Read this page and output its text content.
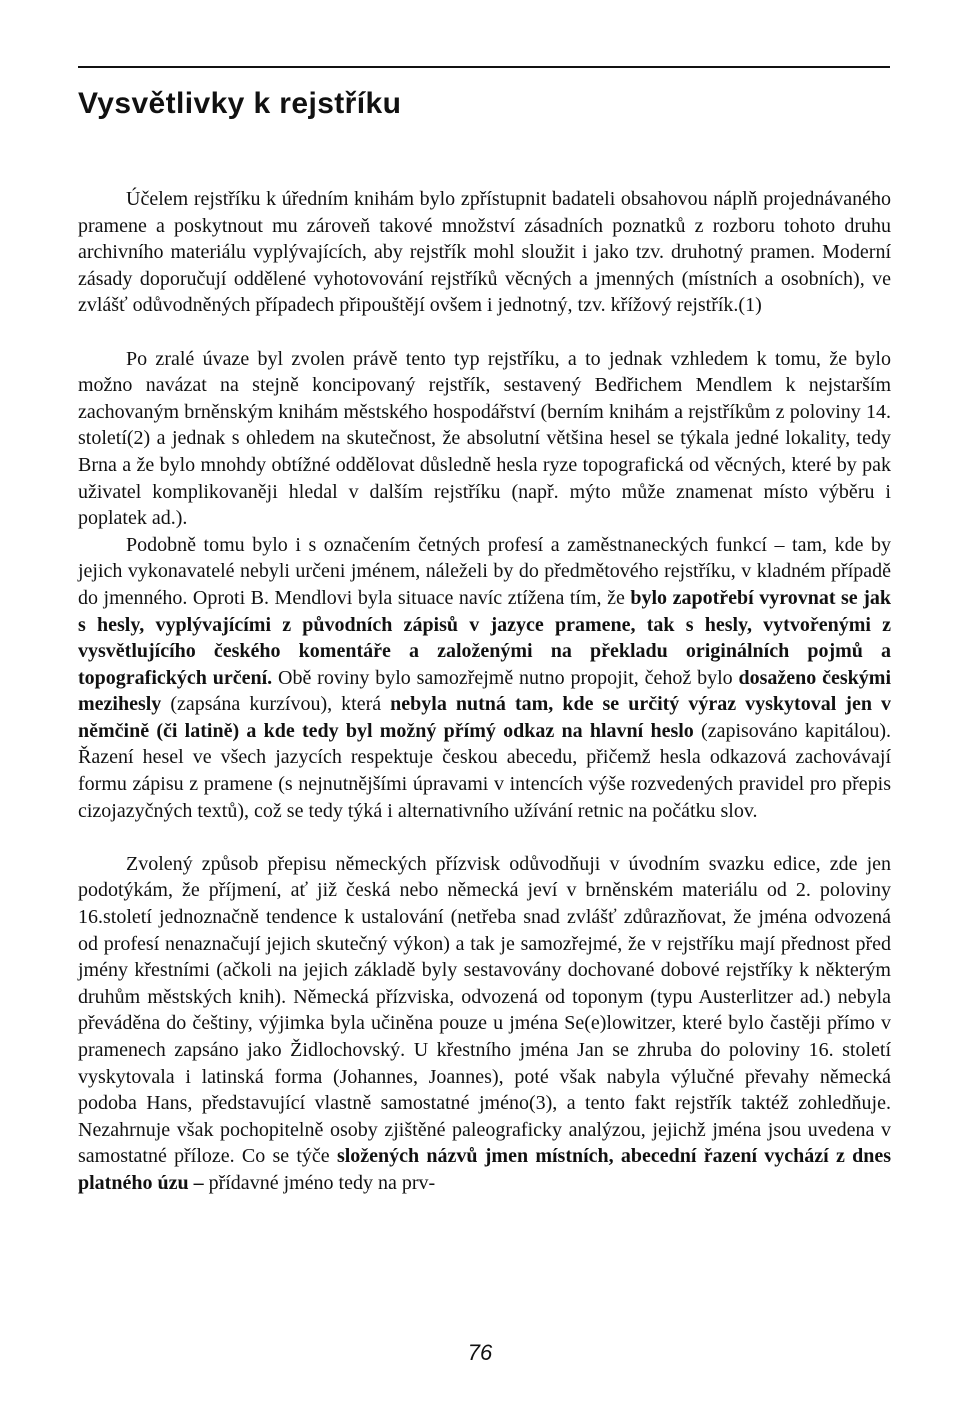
Vysvětlivky k rejstříku

Účelem rejstříku k úředním knihám bylo zpřístupnit badateli obsahovou náplň projednávaného pramene a poskytnout mu zároveň takové množství zásadních poznatků z rozboru tohoto druhu archivního materiálu vyplývajících, aby rejstřík mohl sloužit i jako tzv. druhotný pramen. Moderní zásady doporučují oddělené vyhotovování rejstříků věcných a jmenných (místních a osobních), ve zvlášť odůvodněných případech připouštějí ovšem i jednotný, tzv. křížový rejstřík.(1)

Po zralé úvaze byl zvolen právě tento typ rejstříku, a to jednak vzhledem k tomu, že bylo možno navázat na stejně koncipovaný rejstřík, sestavený Bedřichem Mendlem k nejstarším zachovaným brněnským knihám městského hospodářství (berním knihám a rejstříkům z poloviny 14. století(2) a jednak s ohledem na skutečnost, že absolutní většina hesel se týkala jedné lokality, tedy Brna a že bylo mnohdy obtížné oddělovat důsledně hesla ryze topografická od věcných, které by pak uživatel komplikovaněji hledal v dalším rejstříku (např. mýto může znamenat místo výběru i poplatek ad.).

Podobně tomu bylo i s označením četných profesí a zaměstnaneckých funkcí – tam, kde by jejich vykonavatelé nebyli určeni jménem, náleželi by do předmětového rejstříku, v kladném případě do jmenného. Oproti B. Mendlovi byla situace navíc ztížena tím, že bylo zapotřebí vyrovnat se jak s hesly, vyplývajícími z původních zápisů v jazyce pramene, tak s hesly, vytvořenými z vysvětlujícího českého komentáře a založenými na překladu originálních pojmů a topografických určení. Obě roviny bylo samozřejmě nutno propojit, čehož bylo dosaženo českými mezihesly (zapsána kurzívou), která nebyla nutná tam, kde se určitý výraz vyskytoval jen v němčině (či latině) a kde tedy byl možný přímý odkaz na hlavní heslo (zapisováno kapitálou). Řazení hesel ve všech jazycích respektuje českou abecedu, přičemž hesla odkazová zachovávají formu zápisu z pramene (s nejnutnějšími úpravami v intencích výše rozvedených pravidel pro přepis cizojazyčných textů), což se tedy týká i alternativního užívání retnic na počátku slov.

Zvolený způsob přepisu německých přízvisk odůvodňuji v úvodním svazku edice, zde jen podotýkám, že příjmení, ať již česká nebo německá jeví v brněnském materiálu od 2. poloviny 16.století jednoznačně tendence k ustalování (netřeba snad zvlášť zdůrazňovat, že jména odvozená od profesí nenaznačují jejich skutečný výkon) a tak je samozřejmé, že v rejstříku mají přednost před jmény křestními (ačkoli na jejich základě byly sestavovány dochované dobové rejstříky k některým druhům městských knih). Německá přízviska, odvozená od toponym (typu Austerlitzer ad.) nebyla převáděna do češtiny, výjimka byla učiněna pouze u jména Se(e)lowitzer, které bylo častěji přímo v pramenech zapsáno jako Židlochovský. U křestního jména Jan se zhruba do poloviny 16. století vyskytovala i latinská forma (Johannes, Joannes), poté však nabyla výlučné převahy německá podoba Hans, představující vlastně samostatné jméno(3), a tento fakt rejstřík taktéž zohledňuje. Nezahrnuje však pochopitelně osoby zjištěné paleograficky analýzou, jejichž jména jsou uvedena v samostatné příloze. Co se týče složených názvů jmen místních, abecední řazení vychází z dnes platného úzu – přídavné jméno tedy na prv-

76
